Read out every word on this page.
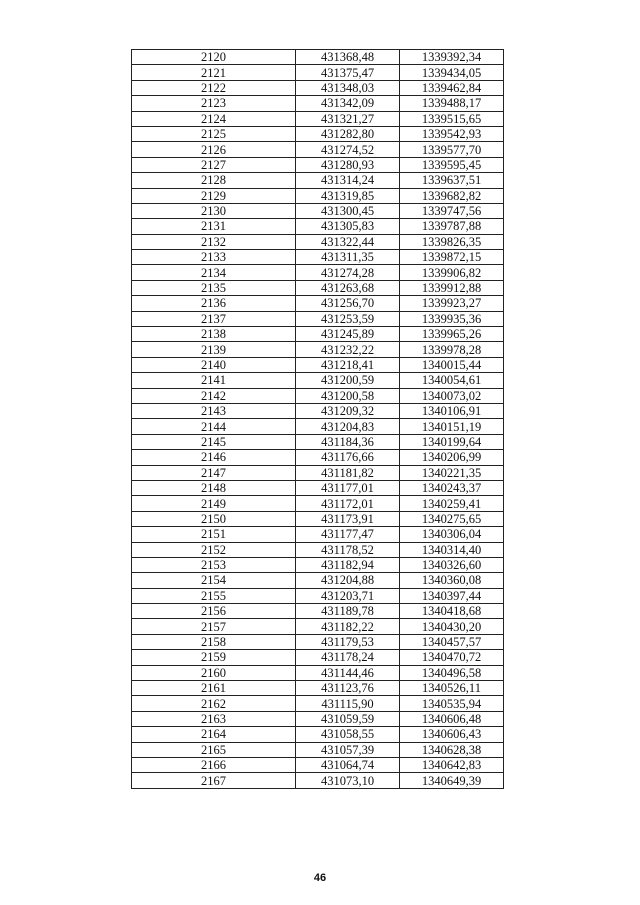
2120	431368,48	1339392,34
2121	431375,47	1339434,05
2122	431348,03	1339462,84
2123	431342,09	1339488,17
2124	431321,27	1339515,65
2125	431282,80	1339542,93
2126	431274,52	1339577,70
2127	431280,93	1339595,45
2128	431314,24	1339637,51
2129	431319,85	1339682,82
2130	431300,45	1339747,56
2131	431305,83	1339787,88
2132	431322,44	1339826,35
2133	431311,35	1339872,15
2134	431274,28	1339906,82
2135	431263,68	1339912,88
2136	431256,70	1339923,27
2137	431253,59	1339935,36
2138	431245,89	1339965,26
2139	431232,22	1339978,28
2140	431218,41	1340015,44
2141	431200,59	1340054,61
2142	431200,58	1340073,02
2143	431209,32	1340106,91
2144	431204,83	1340151,19
2145	431184,36	1340199,64
2146	431176,66	1340206,99
2147	431181,82	1340221,35
2148	431177,01	1340243,37
2149	431172,01	1340259,41
2150	431173,91	1340275,65
2151	431177,47	1340306,04
2152	431178,52	1340314,40
2153	431182,94	1340326,60
2154	431204,88	1340360,08
2155	431203,71	1340397,44
2156	431189,78	1340418,68
2157	431182,22	1340430,20
2158	431179,53	1340457,57
2159	431178,24	1340470,72
2160	431144,46	1340496,58
2161	431123,76	1340526,11
2162	431115,90	1340535,94
2163	431059,59	1340606,48
2164	431058,55	1340606,43
2165	431057,39	1340628,38
2166	431064,74	1340642,83
2167	431073,10	1340649,39
46
